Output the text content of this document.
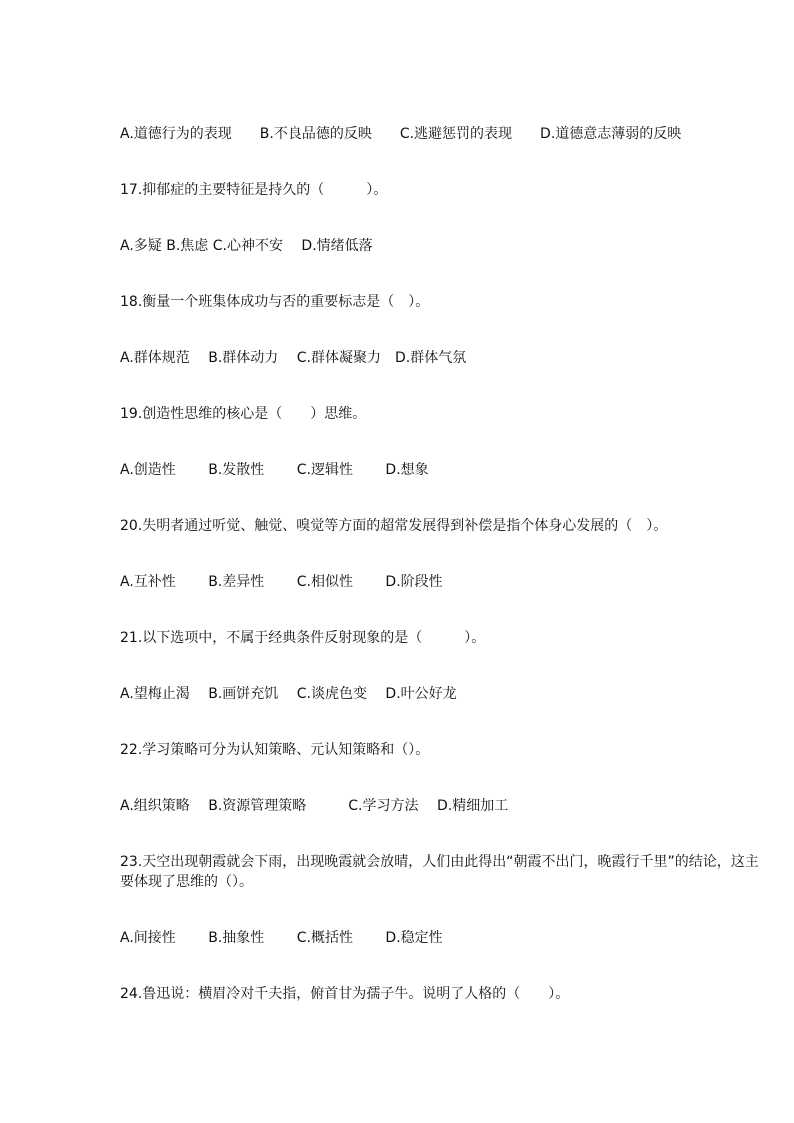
A.道德行为的表现　　B.不良品德的反映　　C.逃避惩罚的表现　　D.道德意志薄弱的反映
17.抑郁症的主要特征是持久的（　　　）。
A.多疑 B.焦虑 C.心神不安　 D.情绪低落
18.衡量一个班集体成功与否的重要标志是（　）。
A.群体规范　 B.群体动力　 C.群体凝聚力　D.群体气氛
19.创造性思维的核心是（　　）思维。
A.创造性　　 B.发散性　　 C.逻辑性　　 D.想象
20.失明者通过听觉、触觉、嗅觉等方面的超常发展得到补偿是指个体身心发展的（　）。
A.互补性　　 B.差异性　　 C.相似性　　 D.阶段性
21.以下选项中，不属于经典条件反射现象的是（　　　）。
A.望梅止渴　 B.画饼充饥　 C.谈虎色变　 D.叶公好龙
22.学习策略可分为认知策略、元认知策略和（）。
A.组织策略　 B.资源管理策略　　　C.学习方法　 D.精细加工
23.天空出现朝霞就会下雨，出现晚霞就会放晴，人们由此得出“朝霞不出门，晚霞行千里”的结论，这主要体现了思维的（）。
A.间接性　　 B.抽象性　　 C.概括性　　 D.稳定性
24.鲁迅说：横眉冷对千夫指，俯首甘为孺子牛。说明了人格的（　　）。
